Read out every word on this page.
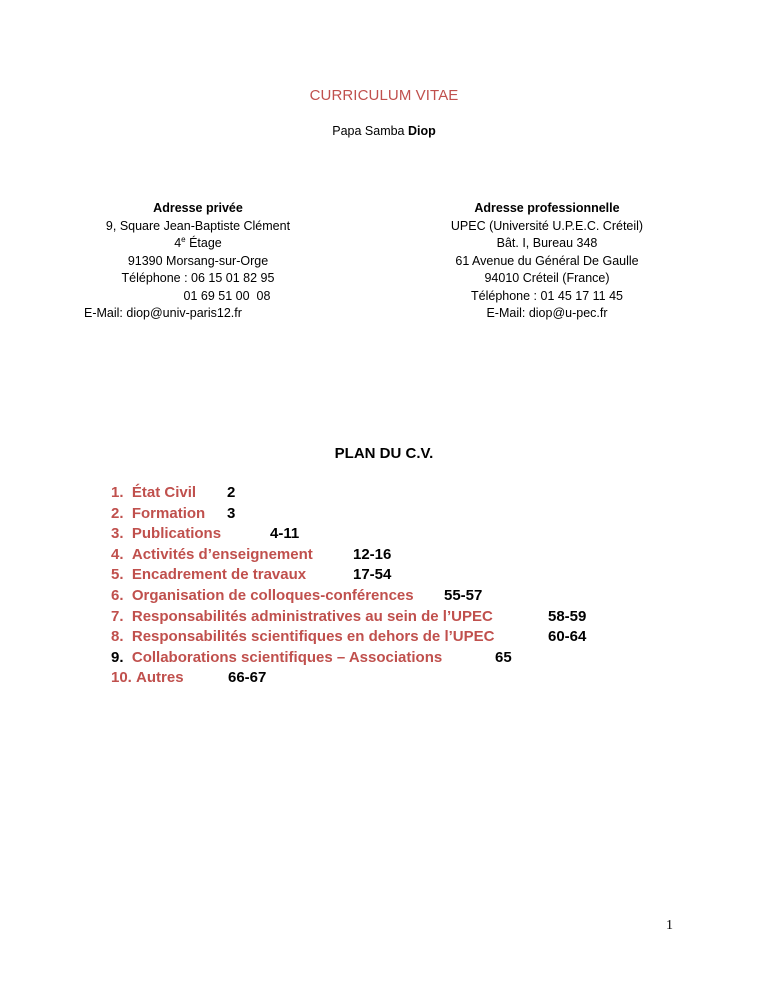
CURRICULUM VITAE
Papa Samba Diop
Adresse privée
9, Square Jean-Baptiste Clément
4e Étage
91390 Morsang-sur-Orge
Téléphone : 06 15 01 82 95
01 69 51 00  08
E-Mail: diop@univ-paris12.fr
Adresse professionnelle
UPEC (Université U.P.E.C. Créteil)
Bât. I, Bureau 348
61 Avenue du Général De Gaulle
94010 Créteil (France)
Téléphone : 01 45 17 11 45
E-Mail: diop@u-pec.fr
PLAN DU C.V.
1. État Civil 2
2. Formation 3
3. Publications	4-11
4. Activités d’enseignement	12-16
5. Encadrement de travaux	17-54
6. Organisation de colloques-conférences 55-57
7. Responsabilités administratives au sein de l’UPEC	58-59
8. Responsabilités scientifiques en dehors de l’UPEC	60-64
9. Collaborations scientifiques – Associations	65
10. Autres	66-67
1
